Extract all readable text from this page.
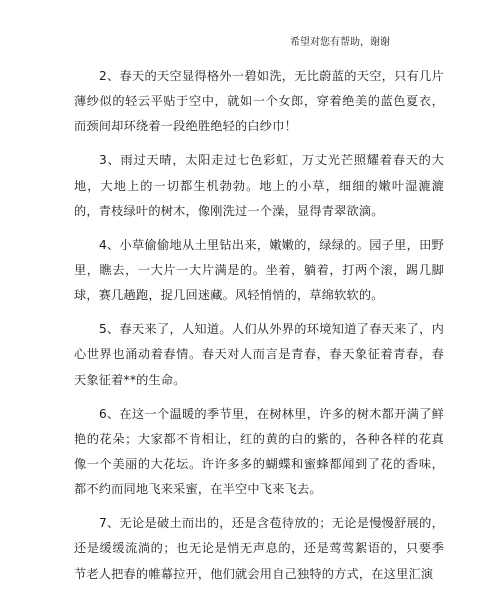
希望对您有帮助，谢谢

2、春天的天空显得格外一碧如洗，无比蔚蓝的天空，只有几片薄纱似的轻云平贴于空中，就如一个女郎，穿着绝美的蓝色夏衣，而颈间却环绕着一段绝胜绝轻的白纱巾！

3、雨过天晴，太阳走过七色彩虹，万丈光芒照耀着春天的大地，大地上的一切都生机勃勃。地上的小草，细细的嫩叶湿漉漉的，青枝绿叶的树木，像刚洗过一个澡，显得青翠欲滴。

4、小草偷偷地从土里钻出来，嫩嫩的，绿绿的。园子里，田野里，瞧去，一大片一大片满是的。坐着，躺着，打两个滚，踢几脚球，赛几趟跑，捉几回迷藏。风轻悄悄的，草绵软软的。

5、春天来了，人知道。人们从外界的环境知道了春天来了，内心世界也涌动着春情。春天对人而言是青春，春天象征着青春，春天象征着**的生命。

6、在这一个温暖的季节里，在树林里，许多的树木都开满了鲜艳的花朵；大家都不肯相让，红的黄的白的紫的，各种各样的花真像一个美丽的大花坛。许许多多的蝴蝶和蜜蜂都闻到了花的香味，都不约而同地飞来采蜜，在半空中飞来飞去。

7、无论是破土而出的，还是含苞待放的；无论是慢慢舒展的，还是缓缓流淌的；也无论是悄无声息的，还是莺莺絮语的，只要季节老人把春的帷幕拉开，他们就会用自己独特的方式，在这里汇演
